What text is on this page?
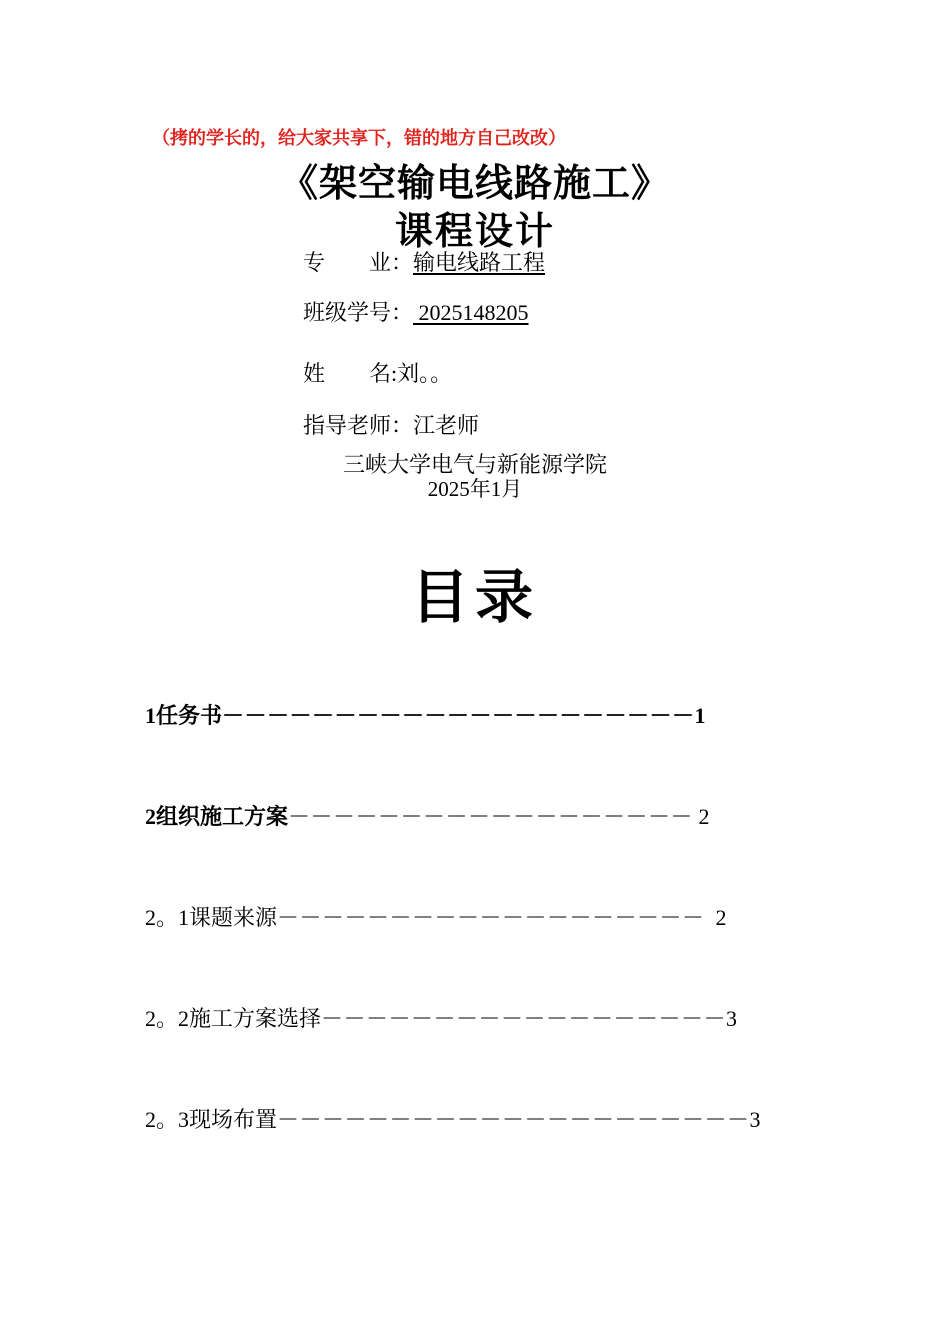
（拷的学长的，给大家共享下，错的地方自己改改）
《架空输电线路施工》
课程设计
专        业：输电线路工程
班级学号： 2025148205
姓        名:刘。。
指导老师：江老师
三峡大学电气与新能源学院
2025年1月
目录
1任务书－－－－－－－－－－－－－－－－－－－－－1
2组织施工方案－－－－－－－－－－－－－－－－－－ 2
2。1课题来源－－－－－－－－－－－－－－－－－－－  2
2。2施工方案选择－－－－－－－－－－－－－－－－－－3
2。3现场布置－－－－－－－－－－－－－－－－－－－－－3
